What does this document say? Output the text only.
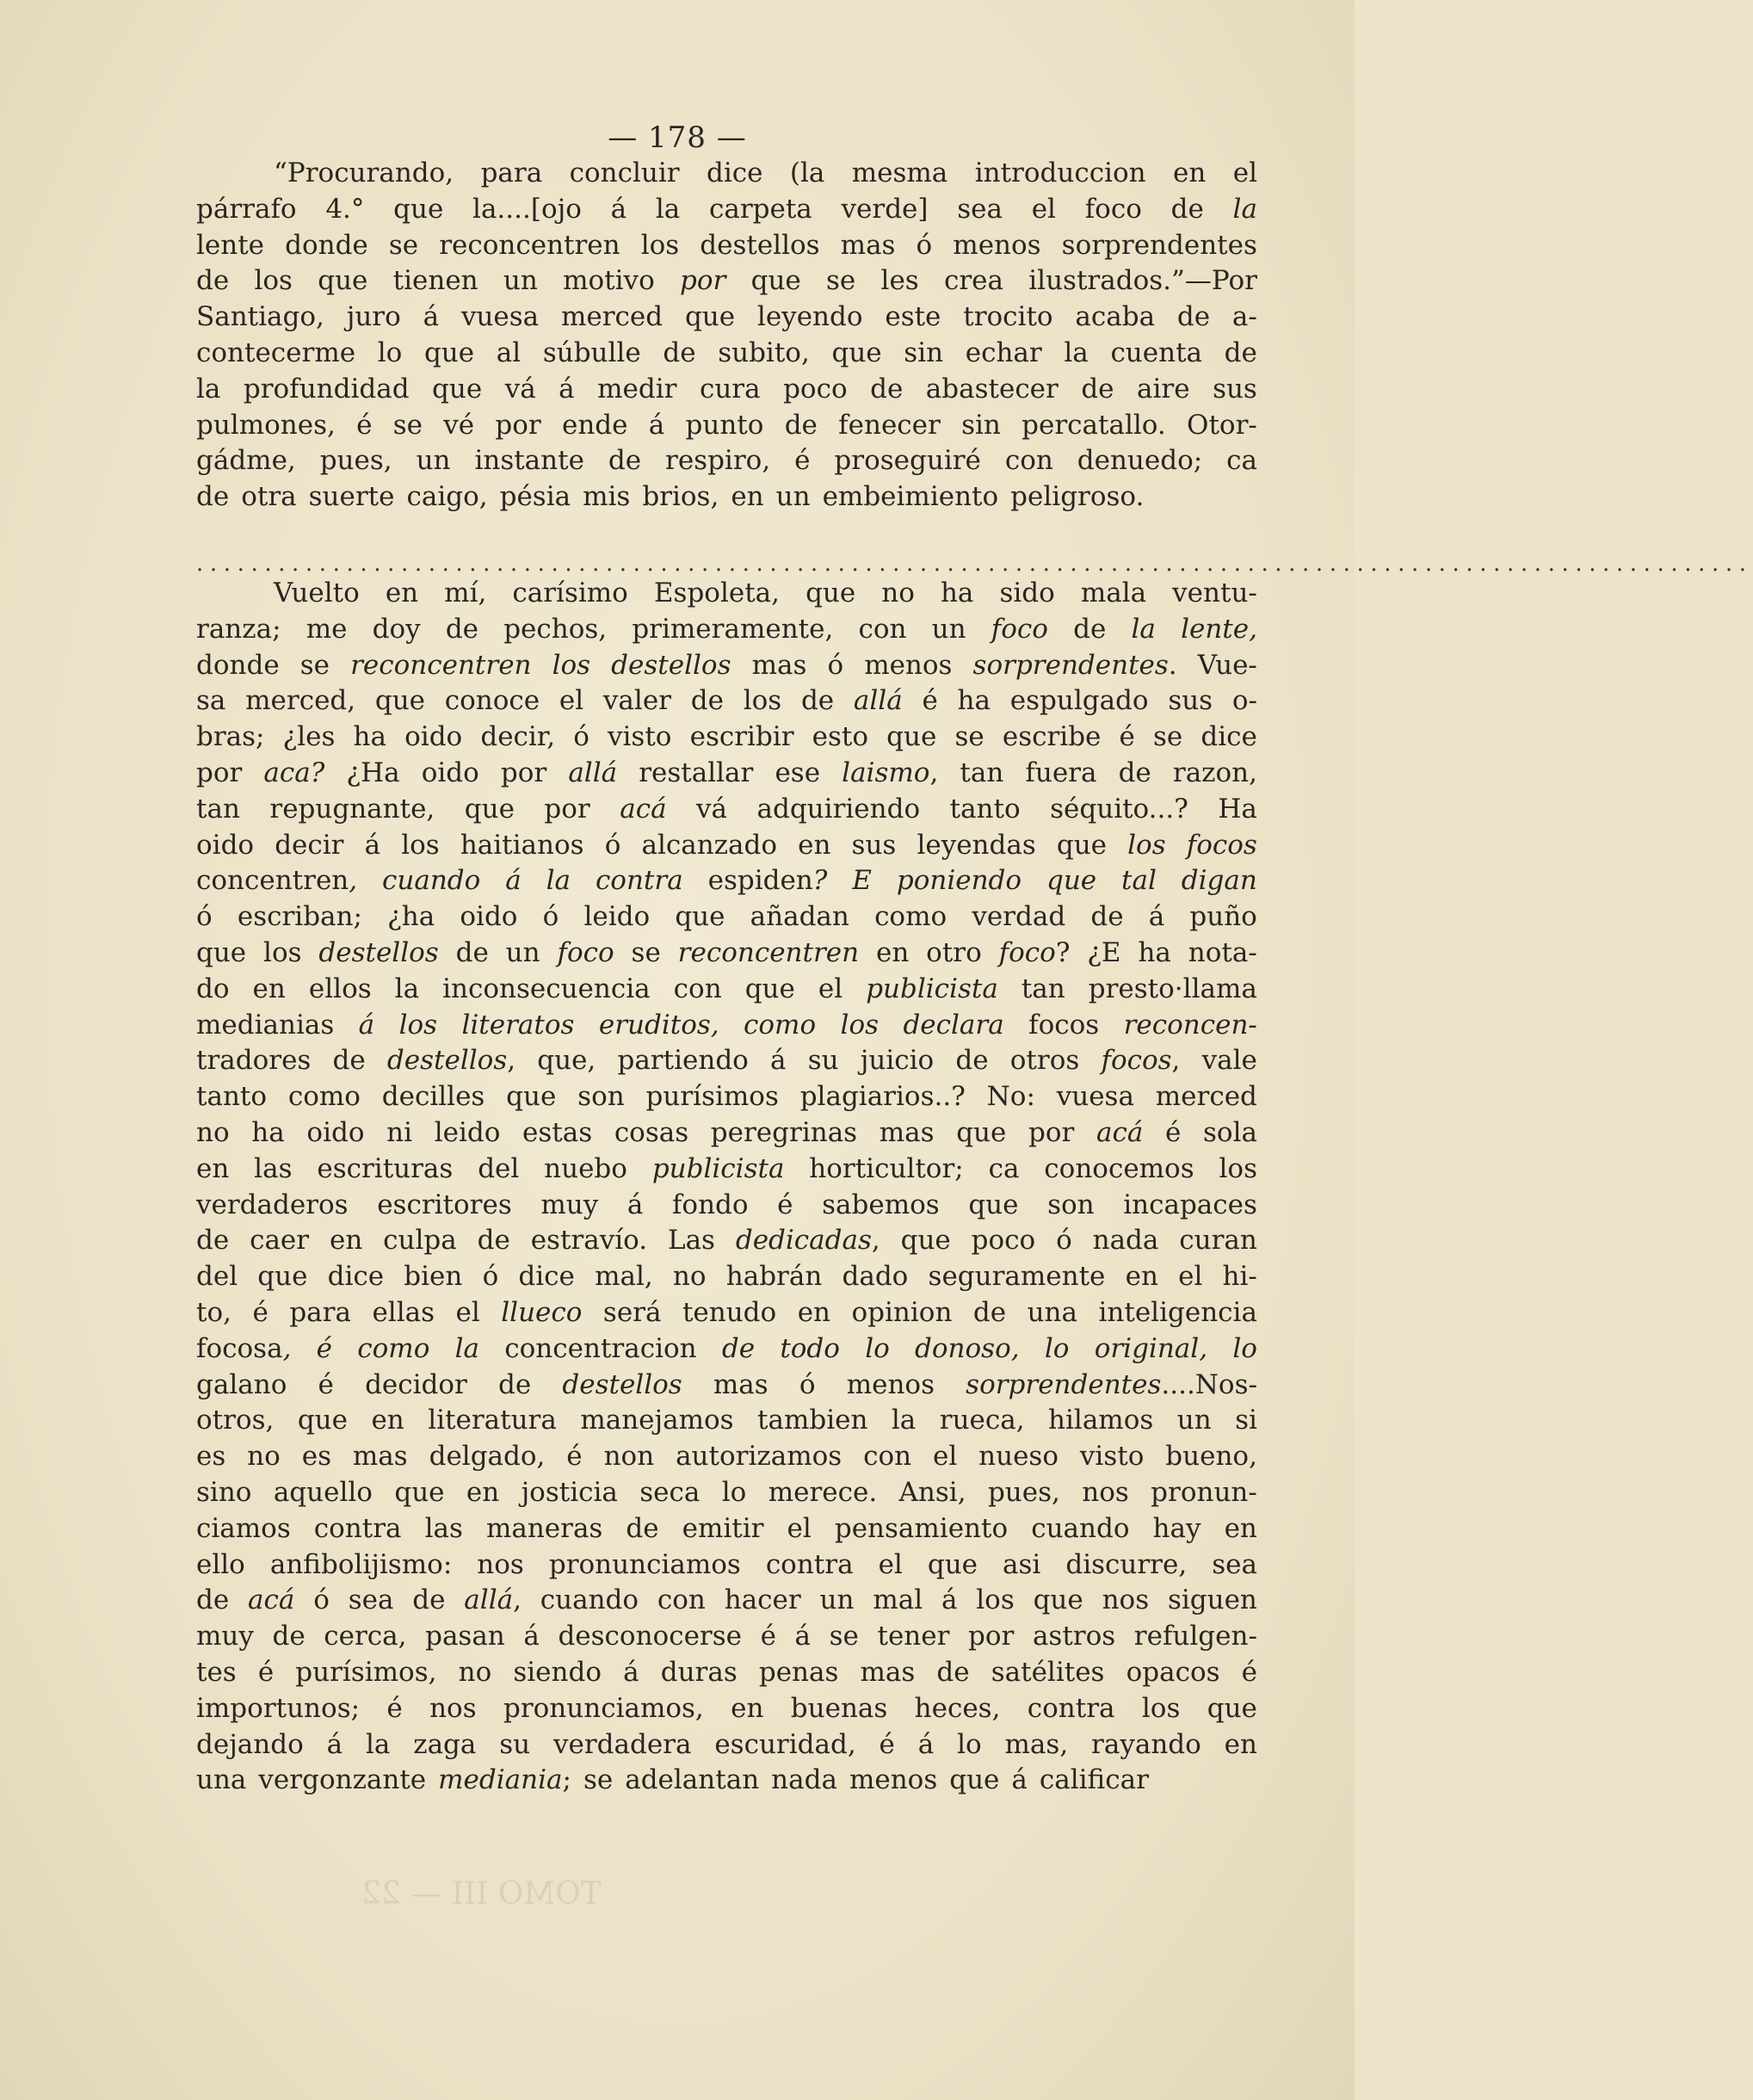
TOMO III — 22
— 178 —
“Procurando, para concluir dice (la mesma introduccion en el
párrafo 4.° que la....[ojo á la carpeta verde] sea el foco de la
lente donde se reconcentren los destellos mas ó menos sorprendentes
de los que tienen un motivo por que se les crea ilustrados.”—Por
Santiago, juro á vuesa merced que leyendo este trocito acaba de a-
contecerme lo que al súbulle de subito, que sin echar la cuenta de
la profundidad que vá á medir cura poco de abastecer de aire sus
pulmones, é se vé por ende á punto de fenecer sin percatallo. Otor-
gádme, pues, un instante de respiro, é proseguiré con denuedo; ca
de otra suerte caigo, pésia mis brios, en un embeimiento peligroso.
..................................................................................................................
Vuelto en mí, carísimo Espoleta, que no ha sido mala ventu-
ranza; me doy de pechos, primeramente, con un foco de la lente,
donde se reconcentren los destellos mas ó menos sorprendentes. Vue-
sa merced, que conoce el valer de los de allá é ha espulgado sus o-
bras; ¿les ha oido decir, ó visto escribir esto que se escribe é se dice
por aca? ¿Ha oido por allá restallar ese laismo, tan fuera de razon,
tan repugnante, que por acá vá adquiriendo tanto séquito...? Ha
oido decir á los haitianos ó alcanzado en sus leyendas que los focos
concentren, cuando á la contra espiden? E poniendo que tal digan
ó escriban; ¿ha oido ó leido que añadan como verdad de á puño
que los destellos de un foco se reconcentren en otro foco? ¿E ha nota-
do en ellos la inconsecuencia con que el publicista tan presto·llama
medianias á los literatos eruditos, como los declara focos reconcen-
tradores de destellos, que, partiendo á su juicio de otros focos, vale
tanto como decilles que son purísimos plagiarios..? No: vuesa merced
no ha oido ni leido estas cosas peregrinas mas que por acá é sola
en las escrituras del nuebo publicista horticultor; ca conocemos los
verdaderos escritores muy á fondo é sabemos que son incapaces
de caer en culpa de estravío. Las dedicadas, que poco ó nada curan
del que dice bien ó dice mal, no habrán dado seguramente en el hi-
to, é para ellas el llueco será tenudo en opinion de una inteligencia
focosa, é como la concentracion de todo lo donoso, lo original, lo
galano é decidor de destellos mas ó menos sorprendentes....Nos-
otros, que en literatura manejamos tambien la rueca, hilamos un si
es no es mas delgado, é non autorizamos con el nueso visto bueno,
sino aquello que en josticia seca lo merece. Ansi, pues, nos pronun-
ciamos contra las maneras de emitir el pensamiento cuando hay en
ello anfibolijismo: nos pronunciamos contra el que asi discurre, sea
de acá ó sea de allá, cuando con hacer un mal á los que nos siguen
muy de cerca, pasan á desconocerse é á se tener por astros refulgen-
tes é purísimos, no siendo á duras penas mas de satélites opacos é
importunos; é nos pronunciamos, en buenas heces, contra los que
dejando á la zaga su verdadera escuridad, é á lo mas, rayando en
una vergonzante mediania; se adelantan nada menos que á calificar
